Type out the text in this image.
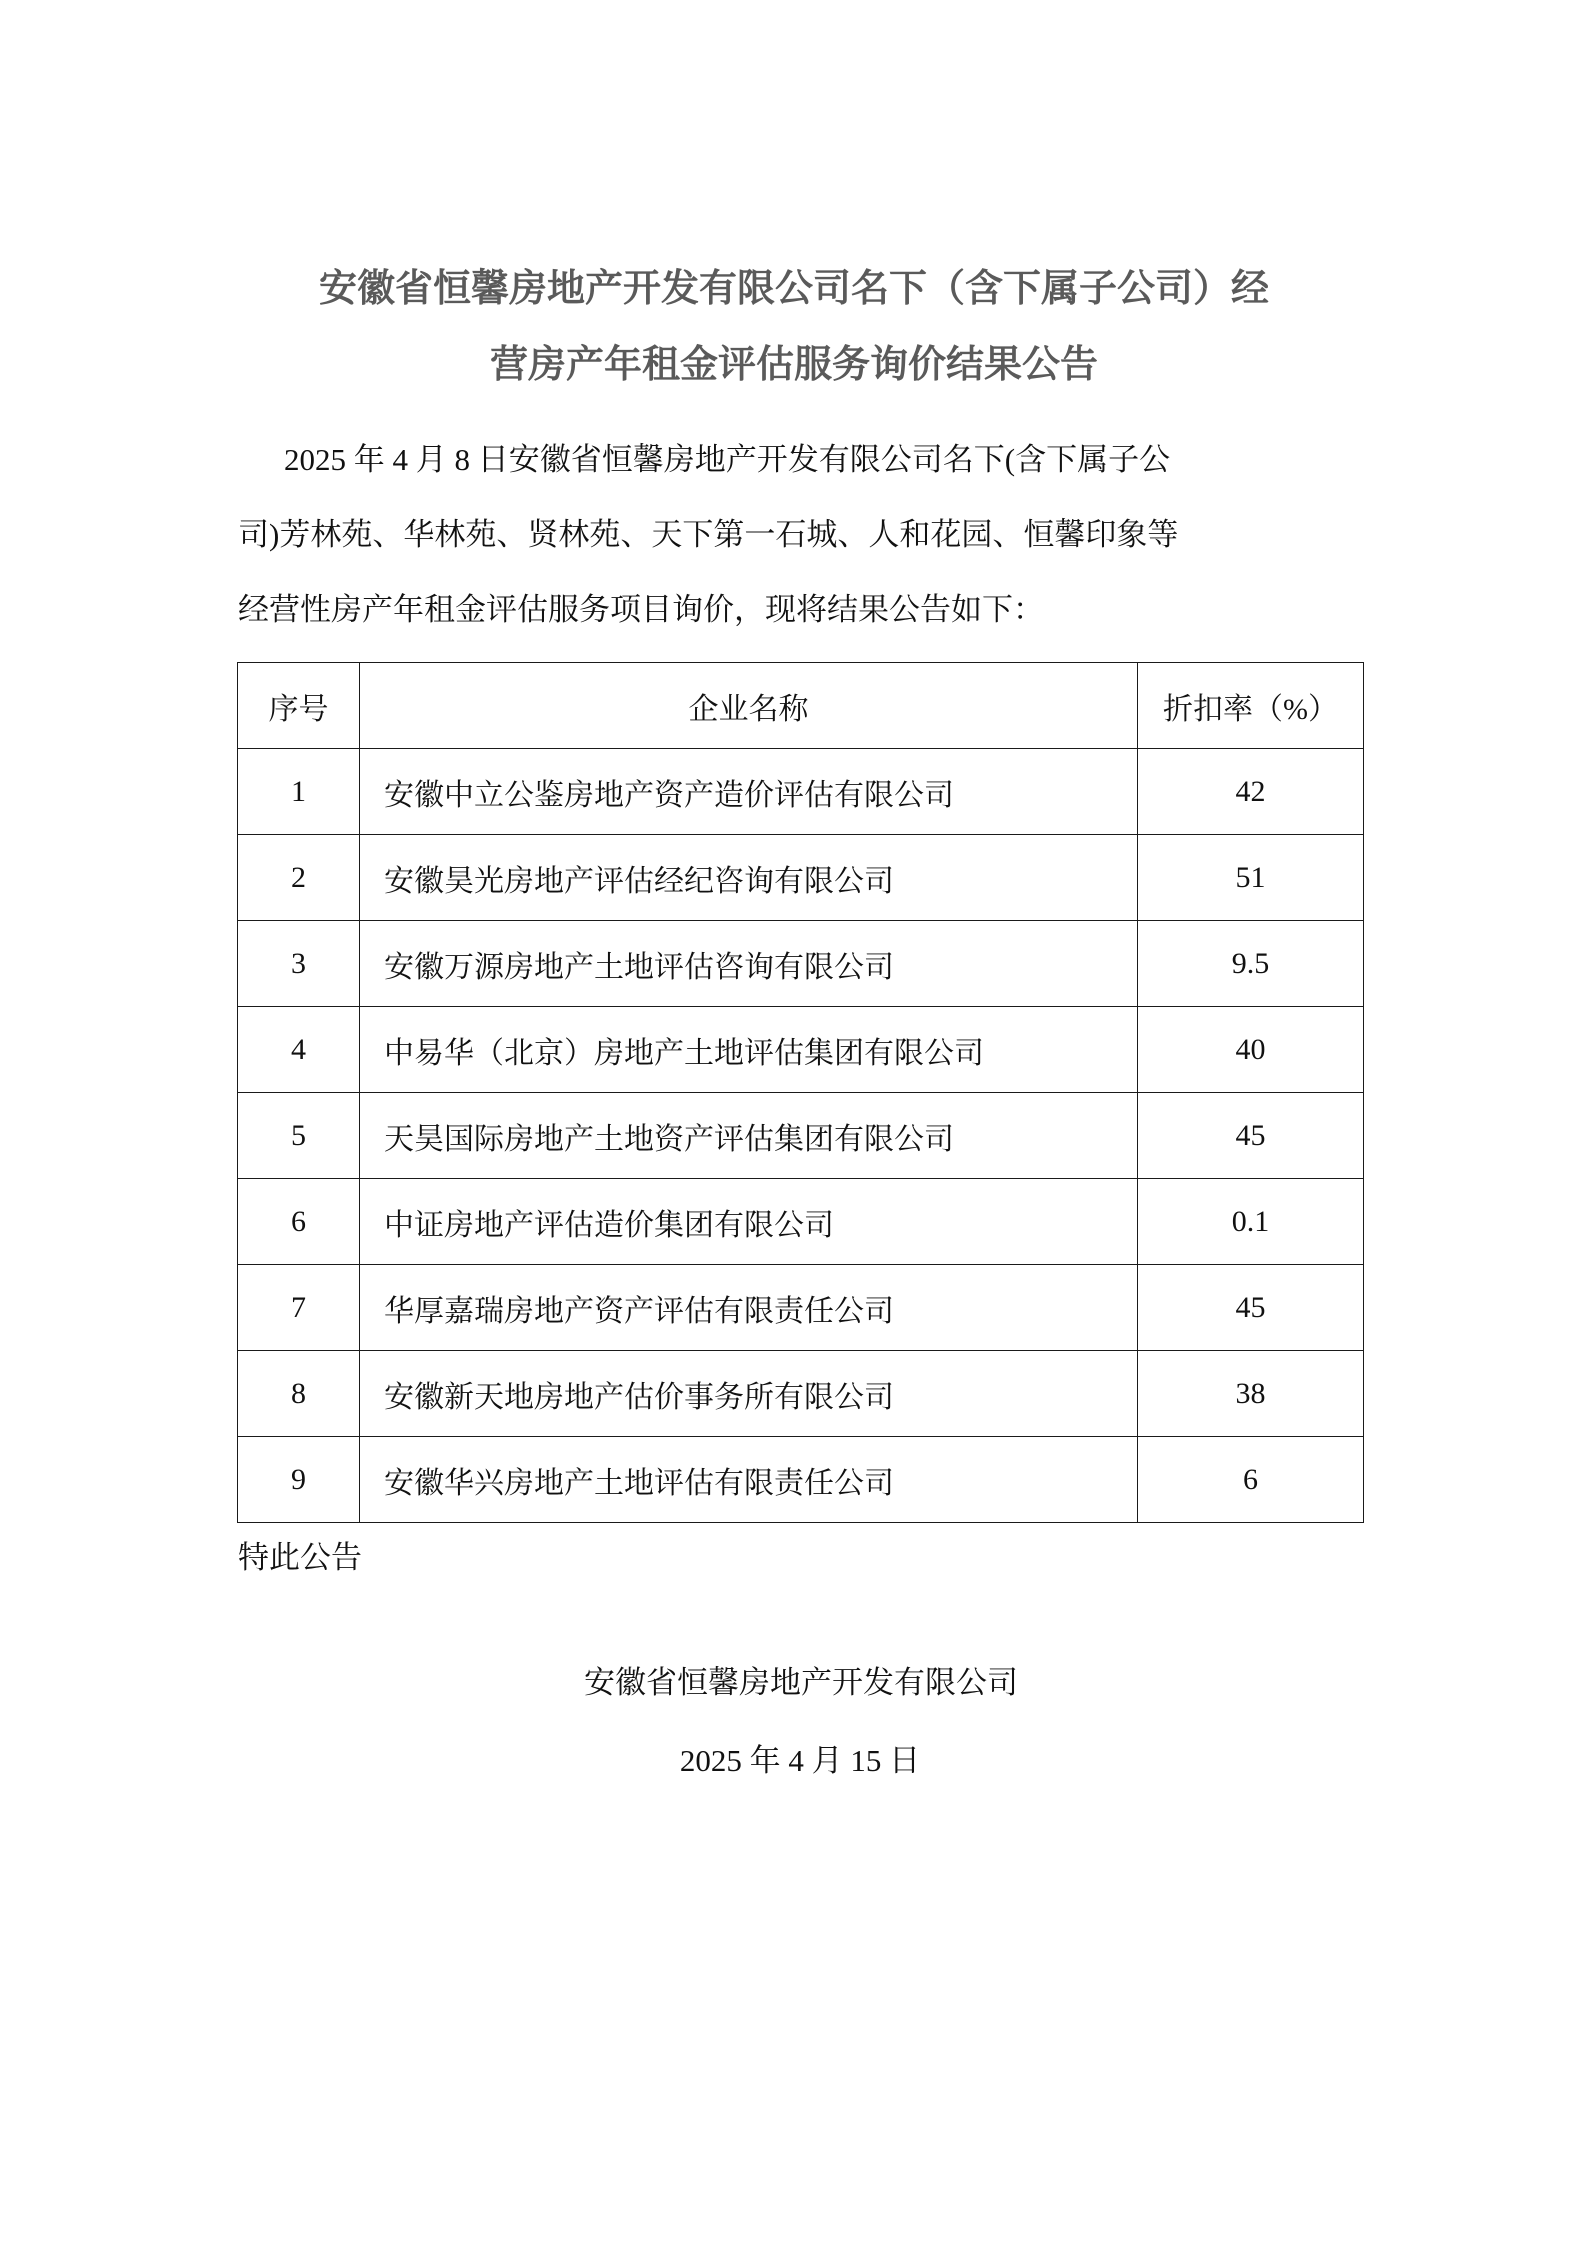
安徽省恒馨房地产开发有限公司名下（含下属子公司）经
营房产年租金评估服务询价结果公告
2025 年 4 月 8 日安徽省恒馨房地产开发有限公司名下(含下属子公
司)芳林苑、华林苑、贤林苑、天下第一石城、人和花园、恒馨印象等
经营性房产年租金评估服务项目询价，现将结果公告如下：
序号	企业名称	折扣率（%）
1	安徽中立公鉴房地产资产造价评估有限公司	42
2	安徽昊光房地产评估经纪咨询有限公司	51
3	安徽万源房地产土地评估咨询有限公司	9.5
4	中易华（北京）房地产土地评估集团有限公司	40
5	天昊国际房地产土地资产评估集团有限公司	45
6	中证房地产评估造价集团有限公司	0.1
7	华厚嘉瑞房地产资产评估有限责任公司	45
8	安徽新天地房地产估价事务所有限公司	38
9	安徽华兴房地产土地评估有限责任公司	6
特此公告
安徽省恒馨房地产开发有限公司
2025 年 4 月 15 日
